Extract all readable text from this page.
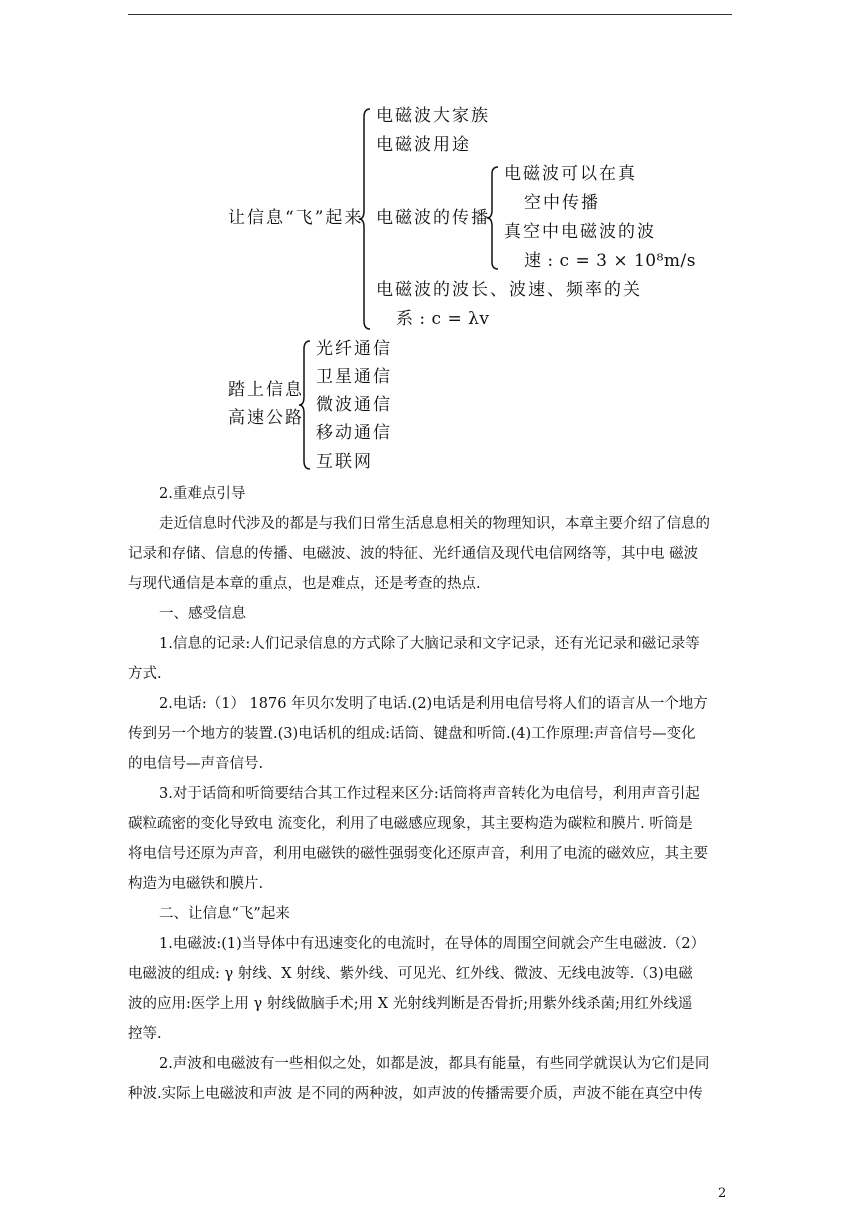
让信息“飞”起来
电磁波大家族
电磁波用途
电磁波的传播
电磁波可以在真
空中传播
真空中电磁波的波
速 : c = 3 × 10⁸m/s
电磁波的波长、波速、频率的关
系 : c = λv
踏上信息
高速公路
光纤通信
卫星通信
微波通信
移动通信
互联网
2.重难点引导
走近信息时代涉及的都是与我们日常生活息息相关的物理知识，本章主要介绍了信息的
记录和存储、信息的传播、电磁波、波的特征、光纤通信及现代电信网络等，其中电 磁波
与现代通信是本章的重点，也是难点，还是考查的热点.
一、感受信息
1.信息的记录:人们记录信息的方式除了大脑记录和文字记录，还有光记录和磁记录等
方式.
2.电话:（1） 1876 年贝尔发明了电话.(2)电话是利用电信号将人们的语言从一个地方
传到另一个地方的装置.(3)电话机的组成:话筒、键盘和听筒.(4)工作原理:声音信号—变化
的电信号—声音信号.
3.对于话筒和听筒要结合其工作过程来区分:话筒将声音转化为电信号，利用声音引起
碳粒疏密的变化导致电 流变化，利用了电磁感应现象，其主要构造为碳粒和膜片. 听筒是
将电信号还原为声音，利用电磁铁的磁性强弱变化还原声音，利用了电流的磁效应，其主要
构造为电磁铁和膜片.
二、让信息“飞”起来
1.电磁波:(1)当导体中有迅速变化的电流时，在导体的周围空间就会产生电磁波.（2）
电磁波的组成: γ 射线、X 射线、紫外线、可见光、红外线、微波、无线电波等.（3)电磁
波的应用:医学上用 γ 射线做脑手术;用 X 光射线判断是否骨折;用紫外线杀菌;用红外线遥
控等.
2.声波和电磁波有一些相似之处，如都是波，都具有能量，有些同学就误认为它们是同
种波.实际上电磁波和声波 是不同的两种波，如声波的传播需要介质，声波不能在真空中传
2
